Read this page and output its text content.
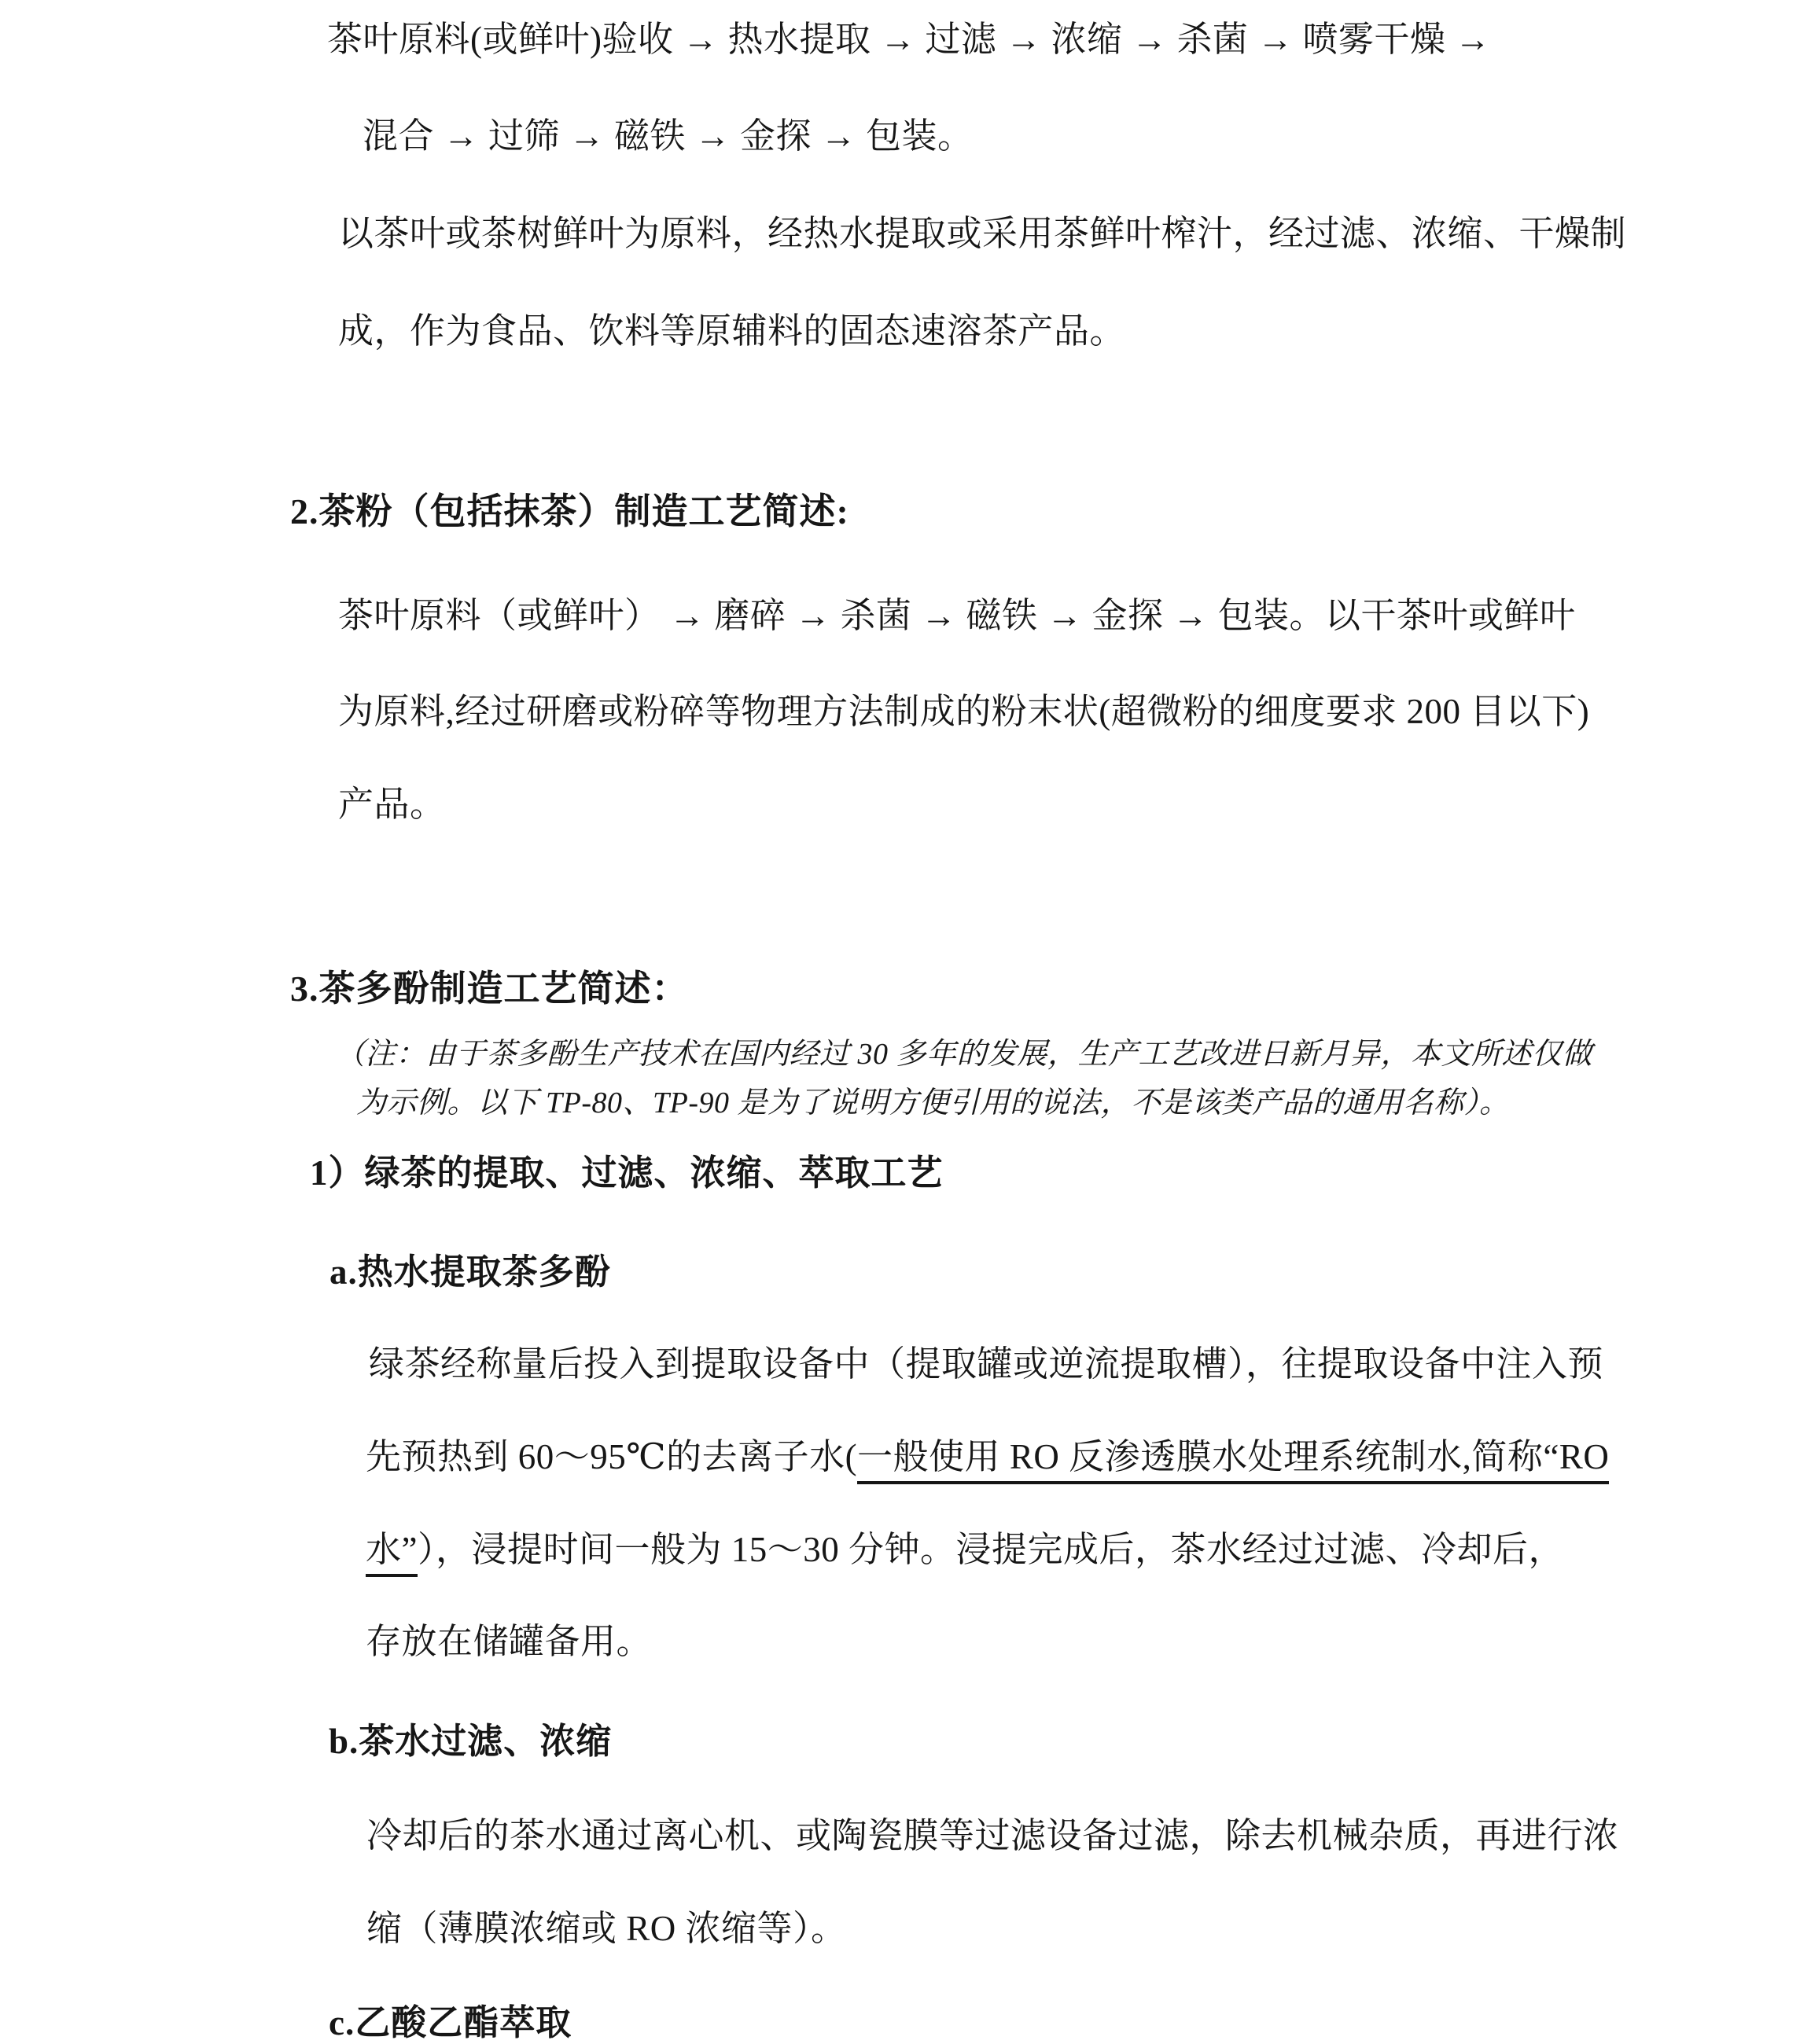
茶叶原料(或鲜叶)验收 → 热水提取 → 过滤 → 浓缩 → 杀菌 → 喷雾干燥 →
混合 → 过筛 → 磁铁 → 金探 → 包装。
以茶叶或茶树鲜叶为原料，经热水提取或采用茶鲜叶榨汁，经过滤、浓缩、干燥制
成，作为食品、饮料等原辅料的固态速溶茶产品。
2.茶粉（包括抹茶）制造工艺简述:
茶叶原料（或鲜叶） → 磨碎 → 杀菌 → 磁铁 → 金探 → 包装。以干茶叶或鲜叶
为原料,经过研磨或粉碎等物理方法制成的粉末状(超微粉的细度要求 200 目以下)
产品。
3.茶多酚制造工艺简述：
（注：由于茶多酚生产技术在国内经过 30 多年的发展，生产工艺改进日新月异，本文所述仅做
为示例。以下 TP-80、TP-90 是为了说明方便引用的说法，不是该类产品的通用名称）。
1）绿茶的提取、过滤、浓缩、萃取工艺
a.热水提取茶多酚
绿茶经称量后投入到提取设备中（提取罐或逆流提取槽），往提取设备中注入预
先预热到 60～95℃的去离子水(一般使用 RO 反渗透膜水处理系统制水,简称“RO
水”），浸提时间一般为 15～30 分钟。浸提完成后，茶水经过过滤、冷却后，
存放在储罐备用。
b.茶水过滤、浓缩
冷却后的茶水通过离心机、或陶瓷膜等过滤设备过滤，除去机械杂质，再进行浓
缩（薄膜浓缩或 RO 浓缩等）。
c.乙酸乙酯萃取
